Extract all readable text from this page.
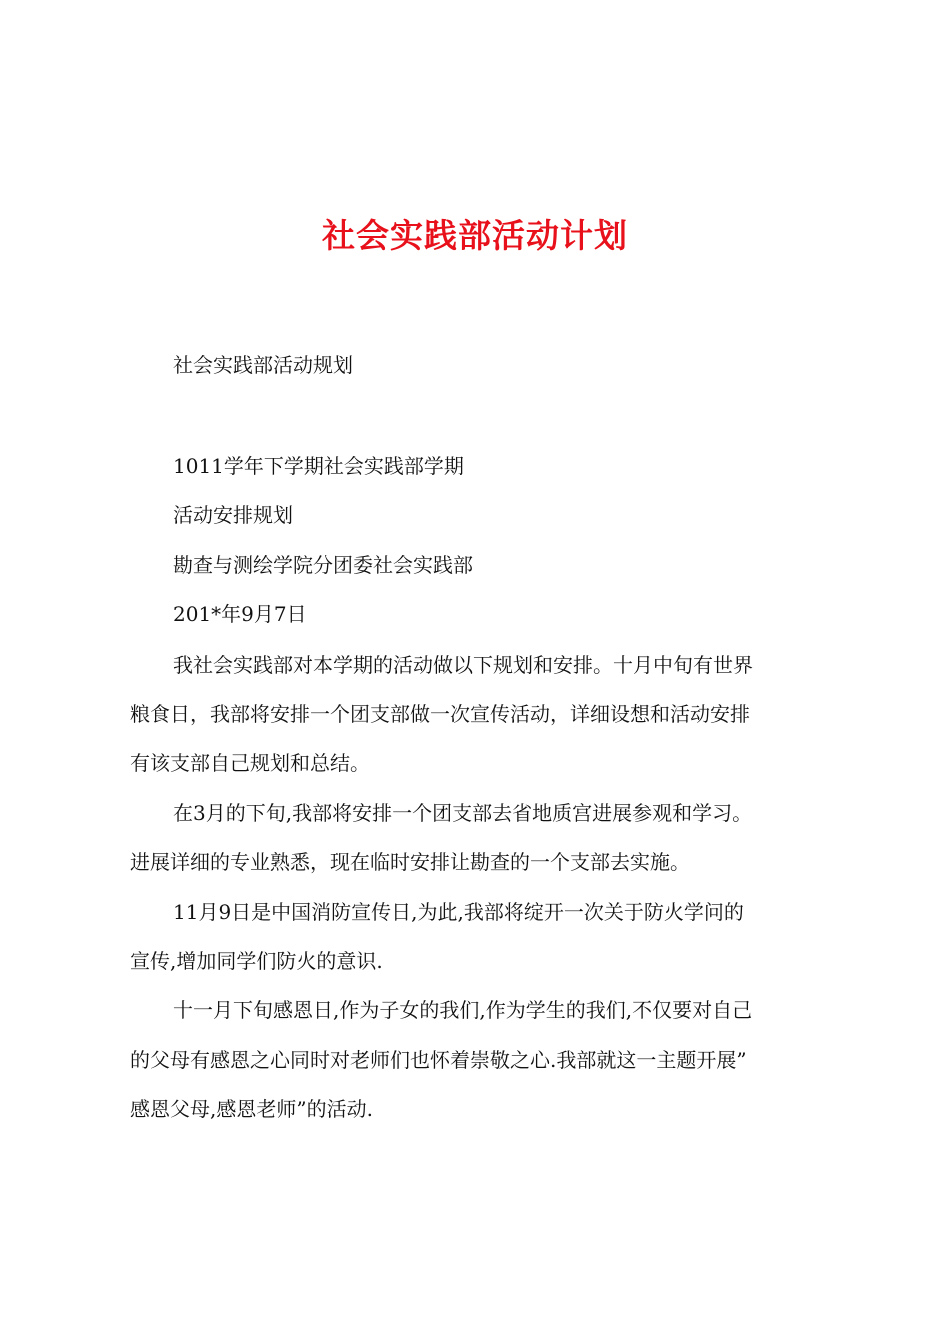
社会实践部活动计划
社会实践部活动规划
1011学年下学期社会实践部学期
活动安排规划
勘查与测绘学院分团委社会实践部
201*年9月7日
我社会实践部对本学期的活动做以下规划和安排。十月中旬有世界
粮食日，我部将安排一个团支部做一次宣传活动，详细设想和活动安排
有该支部自己规划和总结。
在3月的下旬,我部将安排一个团支部去省地质宫进展参观和学习。
进展详细的专业熟悉，现在临时安排让勘查的一个支部去实施。
11月9日是中国消防宣传日,为此,我部将绽开一次关于防火学问的
宣传,增加同学们防火的意识.
十一月下旬感恩日,作为子女的我们,作为学生的我们,不仅要对自己
的父母有感恩之心同时对老师们也怀着崇敬之心.我部就这一主题开展”
感恩父母,感恩老师”的活动.
